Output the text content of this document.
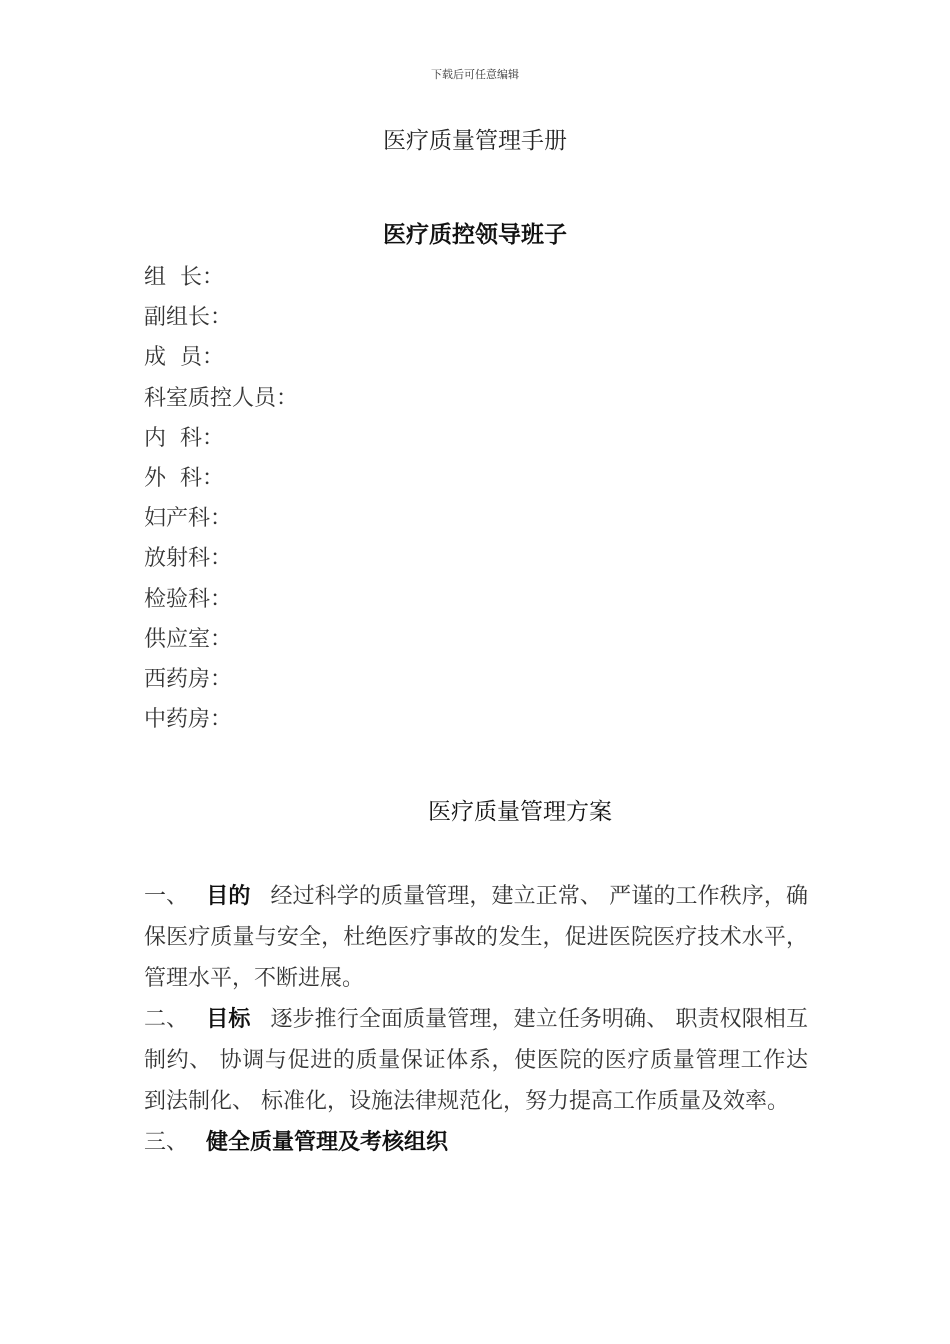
下载后可任意编辑
医疗质量管理手册
医疗质控领导班子
组  长：
副组长：
成  员：
科室质控人员：
内  科：
外  科：
妇产科：
放射科：
检验科：
供应室：
西药房：
中药房：
医疗质量管理方案

一、 目的 经过科学的质量管理，建立正常、 严谨的工作秩序，确保医疗质量与安全，杜绝医疗事故的发生，促进医院医疗技术水平，管理水平，不断进展。

二、 目标 逐步推行全面质量管理，建立任务明确、 职责权限相互制约、 协调与促进的质量保证体系，使医院的医疗质量管理工作达到法制化、 标准化，设施法律规范化，努力提高工作质量及效率。

三、 健全质量管理及考核组织
